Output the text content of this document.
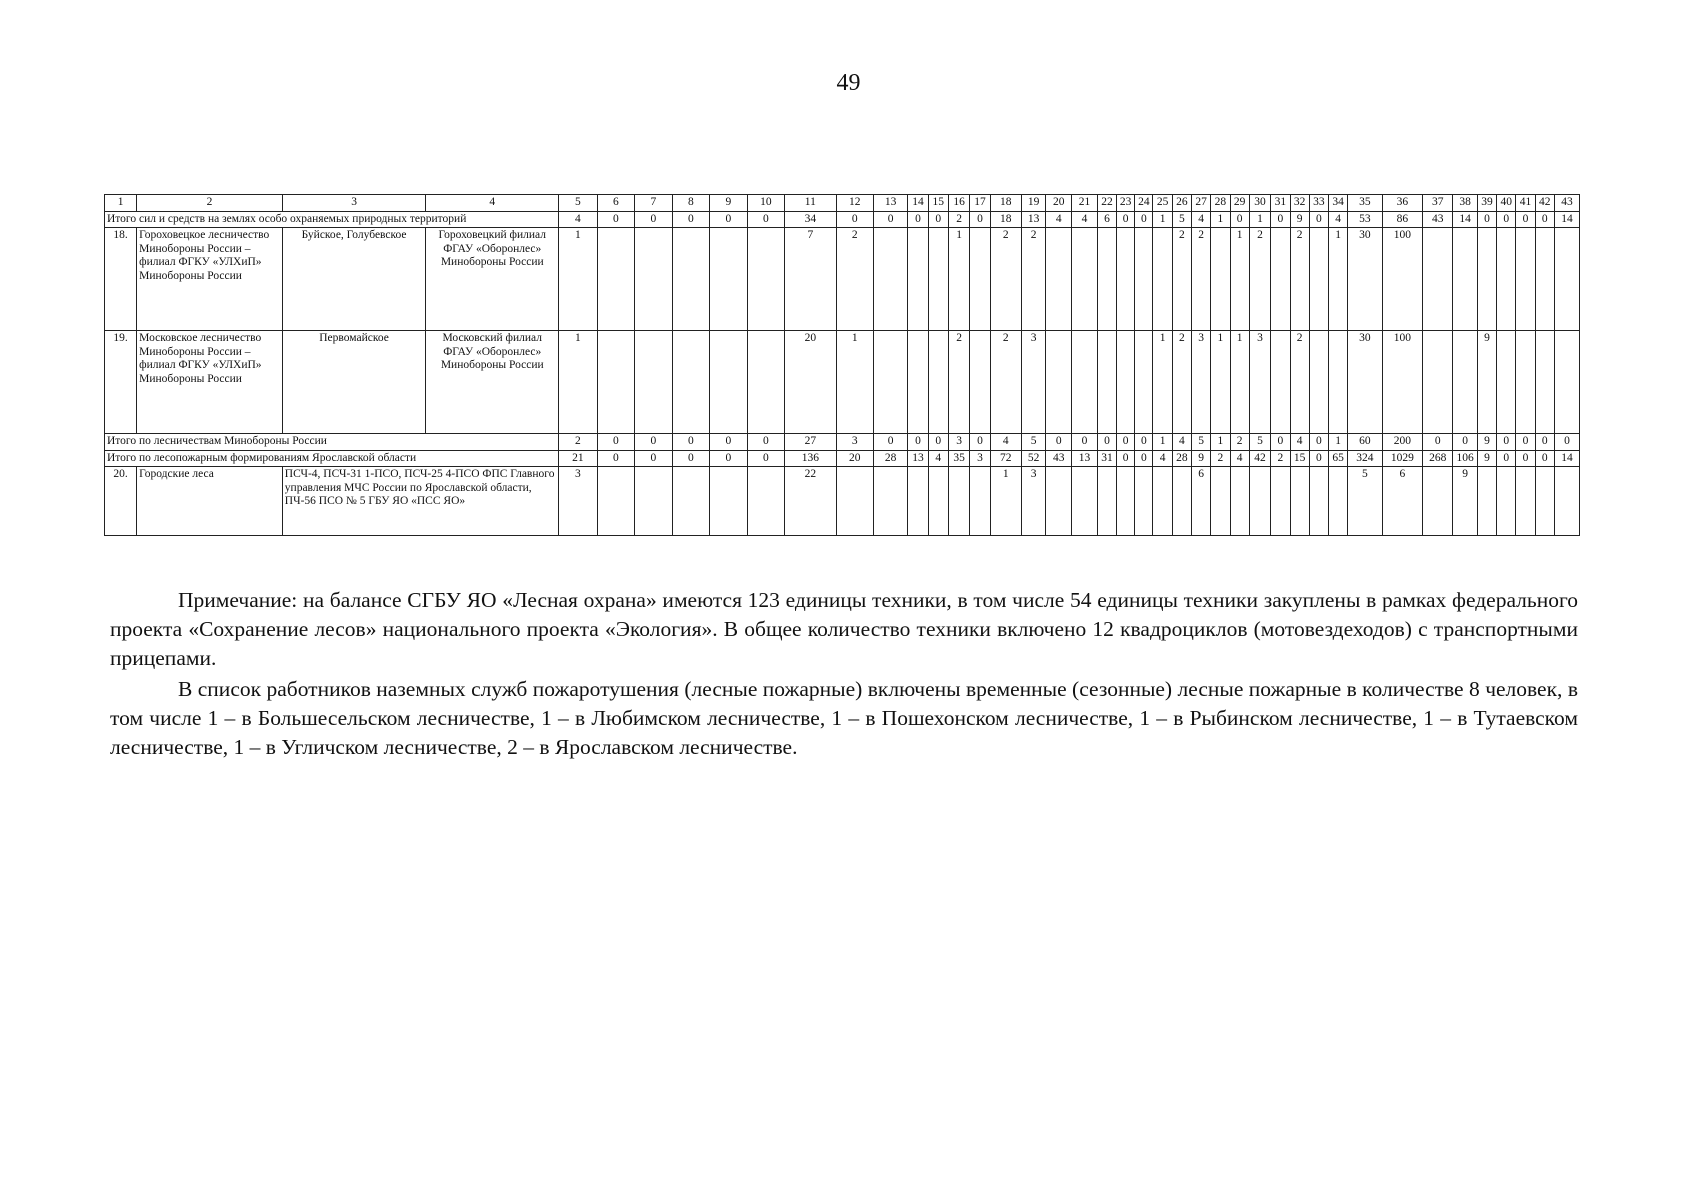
49
1	2	3	4	5	6	7	8	9	10	11	12	13	14	15	16	17	18	19	20	21	22	23	24	25	26	27	28	29	30	31	32	33	34	35	36	37	38	39	40	41	42	43
Итого сил и средств на землях особо охраняемых природных территорий				4	0	0	0	0	0	34	0	0	0	0	2	0	18	13	4	4	6	0	0	1	5	4	1	0	1	0	9	0	4	53	86	43	14	0	0	0	0	14
18.	Гороховецкое лесничество Минобороны России – филиал ФГКУ «УЛХиП» Минобороны России	Буйское, Голубевское	Гороховецкий филиал ФГАУ «Оборонлес» Минобороны России	1						7	2				1		2	2							2	2		1	2		2		1	30	100							
19.	Московское лесничество Минобороны России – филиал ФГКУ «УЛХиП» Минобороны России	Первомайское	Московский филиал ФГАУ «Оборонлес» Минобороны России	1						20	1				2		2	3						1	2	3	1	1	3		2			30	100			9				
Итого по лесничествам Минобороны России				2	0	0	0	0	0	27	3	0	0	0	3	0	4	5	0	0	0	0	0	1	4	5	1	2	5	0	4	0	1	60	200	0	0	9	0	0	0	0
Итого по лесопожарным формированиям Ярославской области				21	0	0	0	0	0	136	20	28	13	4	35	3	72	52	43	13	31	0	0	4	28	9	2	4	42	2	15	0	65	324	1029	268	106	9	0	0	0	14
20.	Городские леса	ПСЧ-4, ПСЧ-31 1-ПСО, ПСЧ-25 4-ПСО ФПС Главного управления МЧС России по Ярославской области, ПЧ-56 ПСО № 5 ГБУ ЯО «ПСС ЯО»		3						22							1	3								6								5	6		9					

Примечание: на балансе СГБУ ЯО «Лесная охрана» имеются 123 единицы техники, в том числе 54 единицы техники закуплены в рамках федерального проекта «Сохранение лесов» национального проекта «Экология». В общее количество техники включено 12 квадроциклов (мотовездеходов) с транспортными прицепами.

В список работников наземных служб пожаротушения (лесные пожарные) включены временные (сезонные) лесные пожарные в количестве 8 человек, в том числе 1 – в Большесельском лесничестве, 1 – в Любимском лесничестве, 1 – в Пошехонском лесничестве, 1 – в Рыбинском лесничестве, 1 – в Тутаевском лесничестве, 1 – в Угличском лесничестве, 2 – в Ярославском лесничестве.
